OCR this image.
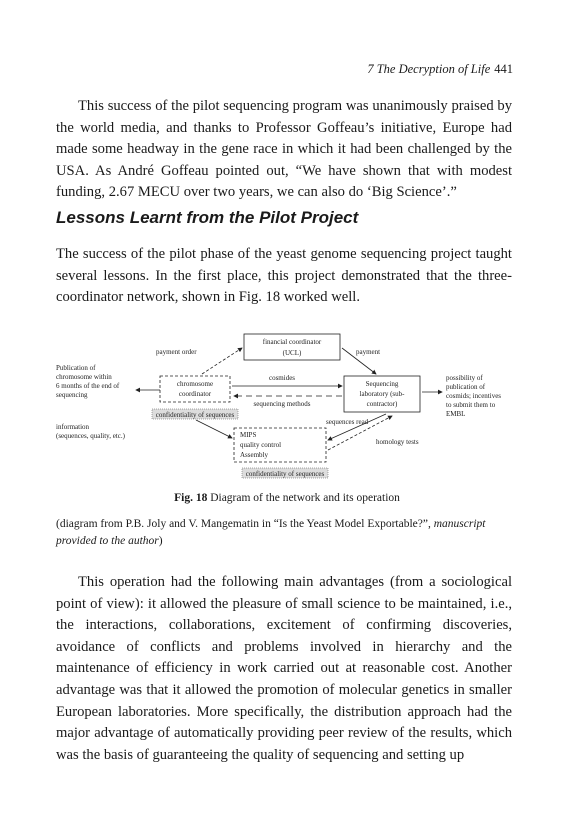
7 The Decryption of Life 441

This success of the pilot sequencing program was unanimously praised by the world media, and thanks to Professor Goffeau’s initiative, Europe had made some headway in the gene race in which it had been challenged by the USA. As André Goffeau pointed out, “We have shown that with modest funding, 2.67 MECU over two years, we can also do ‘Big Science’.”

Lessons Learnt from the Pilot Project

The success of the pilot phase of the yeast genome sequencing project taught several lessons. In the first place, this project demonstrated that the three-coordinator network, shown in Fig. 18 worked well.

financial coordinator
(UCL)
payment order	payment
Publication of
chromosome within
6 months of the end of
sequencing
chromosome
coordinator
Sequencing
laboratory (sub-
contractor)
possibility of
publication of
cosmids; incentives
to submit them to
EMBL
cosmides
sequencing methods
confidentiality of sequences
information
(sequences, quality, etc.)	MIPS
quality control
Assembly
sequences read
homology tests
confidentiality of sequences
Fig. 18 Diagram of the network and its operation
(diagram from P.B. Joly and V. Mangematin in “Is the Yeast Model Exportable?”, manuscript provided to the author)

This operation had the following main advantages (from a sociological point of view): it allowed the pleasure of small science to be maintained, i.e., the interactions, collaborations, excitement of confirming discoveries, avoidance of conflicts and problems involved in hierarchy and the maintenance of efficiency in work carried out at reasonable cost. Another advantage was that it allowed the promotion of molecular genetics in smaller European laboratories. More specifically, the distribution approach had the major advantage of automatically providing peer review of the results, which was the basis of guaranteeing the quality of sequencing and setting up
